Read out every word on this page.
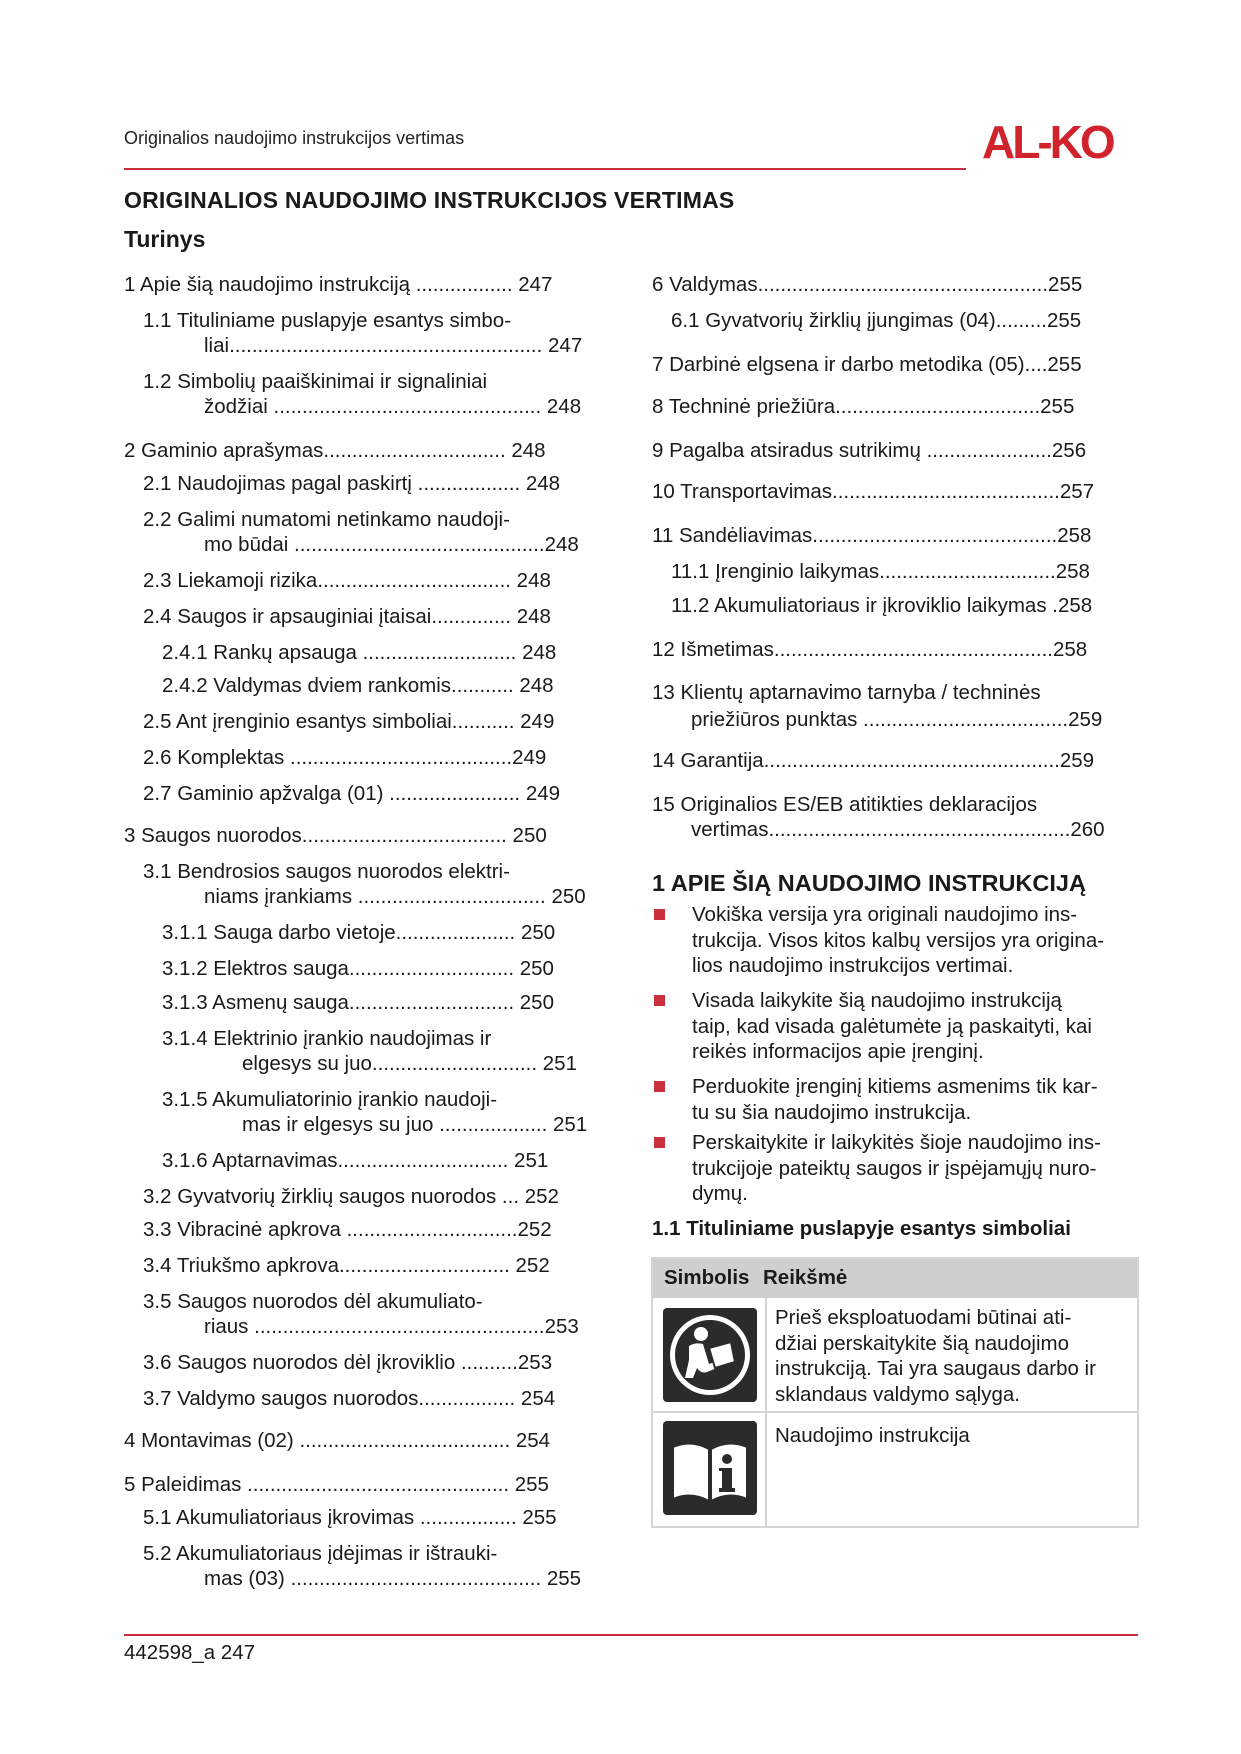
Originalios naudojimo instrukcijos vertimas	AL-KO
ORIGINALIOS NAUDOJIMO INSTRUKCIJOS VERTIMAS
Turinys
1 Apie šią naudojimo instrukciją ................. 247
1.1 Tituliniame puslapyje esantys simbo-
liai....................................................... 247
1.2 Simbolių paaiškinimai ir signaliniai
žodžiai ............................................... 248
2 Gaminio aprašymas................................ 248
2.1 Naudojimas pagal paskirtį .................. 248
2.2 Galimi numatomi netinkamo naudoji-
mo būdai ............................................248
2.3 Liekamoji rizika.................................. 248
2.4 Saugos ir apsauginiai įtaisai.............. 248
2.4.1 Rankų apsauga ........................... 248
2.4.2 Valdymas dviem rankomis........... 248
2.5 Ant įrenginio esantys simboliai........... 249
2.6 Komplektas .......................................249
2.7 Gaminio apžvalga (01) ....................... 249
3 Saugos nuorodos.................................... 250
3.1 Bendrosios saugos nuorodos elektri-
niams įrankiams ................................. 250
3.1.1 Sauga darbo vietoje..................... 250
3.1.2 Elektros sauga............................. 250
3.1.3 Asmenų sauga............................. 250
3.1.4 Elektrinio įrankio naudojimas ir
elgesys su juo............................. 251
3.1.5 Akumuliatorinio įrankio naudoji-
mas ir elgesys su juo ................... 251
3.1.6 Aptarnavimas.............................. 251
3.2 Gyvatvorių žirklių saugos nuorodos ... 252
3.3 Vibracinė apkrova ..............................252
3.4 Triukšmo apkrova.............................. 252
3.5 Saugos nuorodos dėl akumuliato-
riaus ...................................................253
3.6 Saugos nuorodos dėl įkroviklio ..........253
3.7 Valdymo saugos nuorodos................. 254
4 Montavimas (02) ..................................... 254
5 Paleidimas .............................................. 255
5.1 Akumuliatoriaus įkrovimas ................. 255
5.2 Akumuliatoriaus įdėjimas ir ištrauki-
mas (03) ............................................ 255
6 Valdymas...................................................255
6.1 Gyvatvorių žirklių įjungimas (04).........255
7 Darbinė elgsena ir darbo metodika (05)....255
8 Techninė priežiūra....................................255
9 Pagalba atsiradus sutrikimų ......................256
10 Transportavimas........................................257
11 Sandėliavimas...........................................258
11.1 Įrenginio laikymas...............................258
11.2 Akumuliatoriaus ir įkroviklio laikymas .258
12 Išmetimas.................................................258
13 Klientų aptarnavimo tarnyba / techninės
priežiūros punktas ....................................259
14 Garantija....................................................259
15 Originalios ES/EB atitikties deklaracijos
vertimas.....................................................260
1 APIE ŠIĄ NAUDOJIMO INSTRUKCIJĄ
Vokiška versija yra originali naudojimo ins-
trukcija. Visos kitos kalbų versijos yra origina-
lios naudojimo instrukcijos vertimai.
Visada laikykite šią naudojimo instrukciją
taip, kad visada galėtumėte ją paskaityti, kai
reikės informacijos apie įrenginį.
Perduokite įrenginį kitiems asmenims tik kar-
tu su šia naudojimo instrukcija.
Perskaitykite ir laikykitės šioje naudojimo ins-
trukcijoje pateiktų saugos ir įspėjamųjų nuro-
dymų.
1.1 Tituliniame puslapyje esantys simboliai
Simbolis Reikšmė
Prieš eksploatuodami būtinai ati-
džiai perskaitykite šią naudojimo
instrukciją. Tai yra saugaus darbo ir
sklandaus valdymo sąlyga.
Naudojimo instrukcija
442598_a 247
